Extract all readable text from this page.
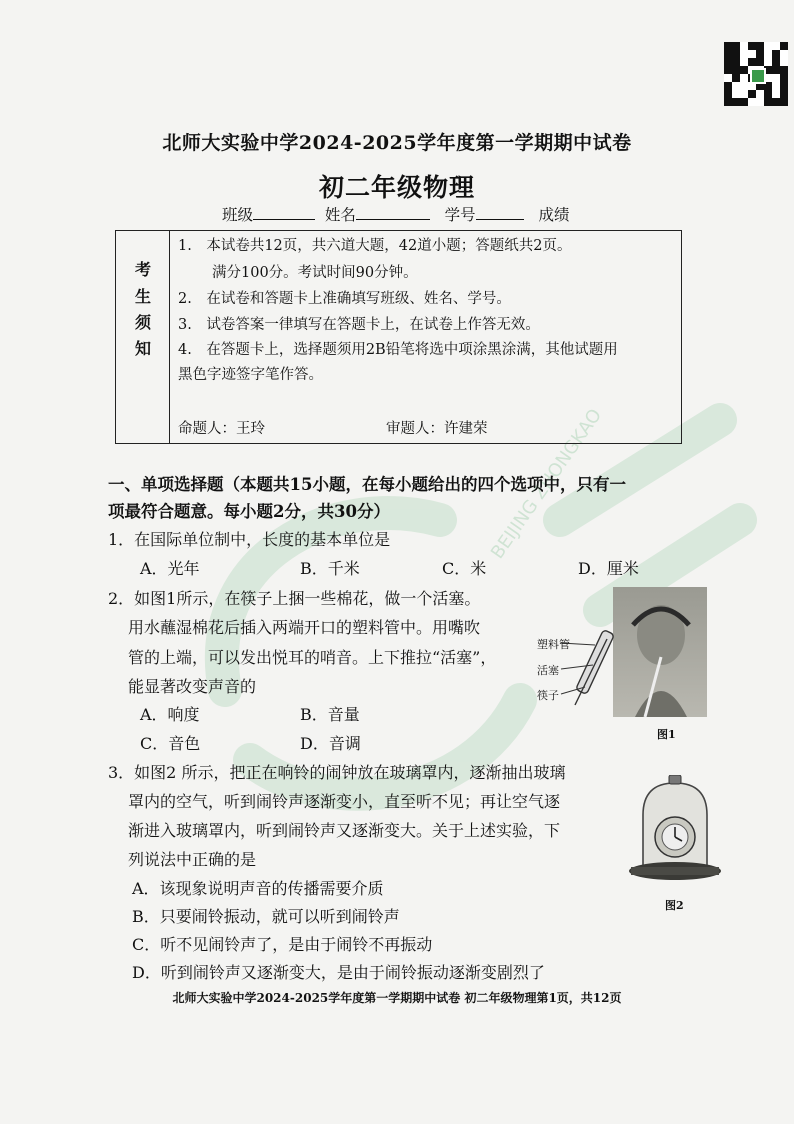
BEIJING ZHONGKAO
北师大实验中学2024-2025学年度第一学期期中试卷
初二年级物理
班级	姓名	学号	成绩
考
生
须
知
1.　本试卷共12页，共六道大题，42道小题；答题纸共2页。
满分100分。考试时间90分钟。
2.　在试卷和答题卡上准确填写班级、姓名、学号。
3.　试卷答案一律填写在答题卡上，在试卷上作答无效。
4.　在答题卡上，选择题须用2B铅笔将选中项涂黑涂满，其他试题用
黑色字迹签字笔作答。
命题人：王玲	审题人：许建荣
一、单项选择题（本题共15小题，在每小题给出的四个选项中，只有一
项最符合题意。每小题2分，共30分）
1．在国际单位制中，长度的基本单位是
A．光年	B．千米	C．米	D．厘米
2．如图1所示，在筷子上捆一些棉花，做一个活塞。
用水蘸湿棉花后插入两端开口的塑料管中。用嘴吹
管的上端，可以发出悦耳的哨音。上下推拉“活塞”，
能显著改变声音的
A．响度	B．音量
C．音色	D．音调
塑料管
活塞
筷子
图1
3．如图2 所示，把正在响铃的闹钟放在玻璃罩内，逐渐抽出玻璃
罩内的空气，听到闹铃声逐渐变小，直至听不见；再让空气逐
渐进入玻璃罩内，听到闹铃声又逐渐变大。关于上述实验，下
列说法中正确的是
A．该现象说明声音的传播需要介质
B．只要闹铃振动，就可以听到闹铃声
C．听不见闹铃声了，是由于闹铃不再振动
D．听到闹铃声又逐渐变大，是由于闹铃振动逐渐变剧烈了
图2
北师大实验中学2024-2025学年度第一学期期中试卷 初二年级物理第1页，共12页
